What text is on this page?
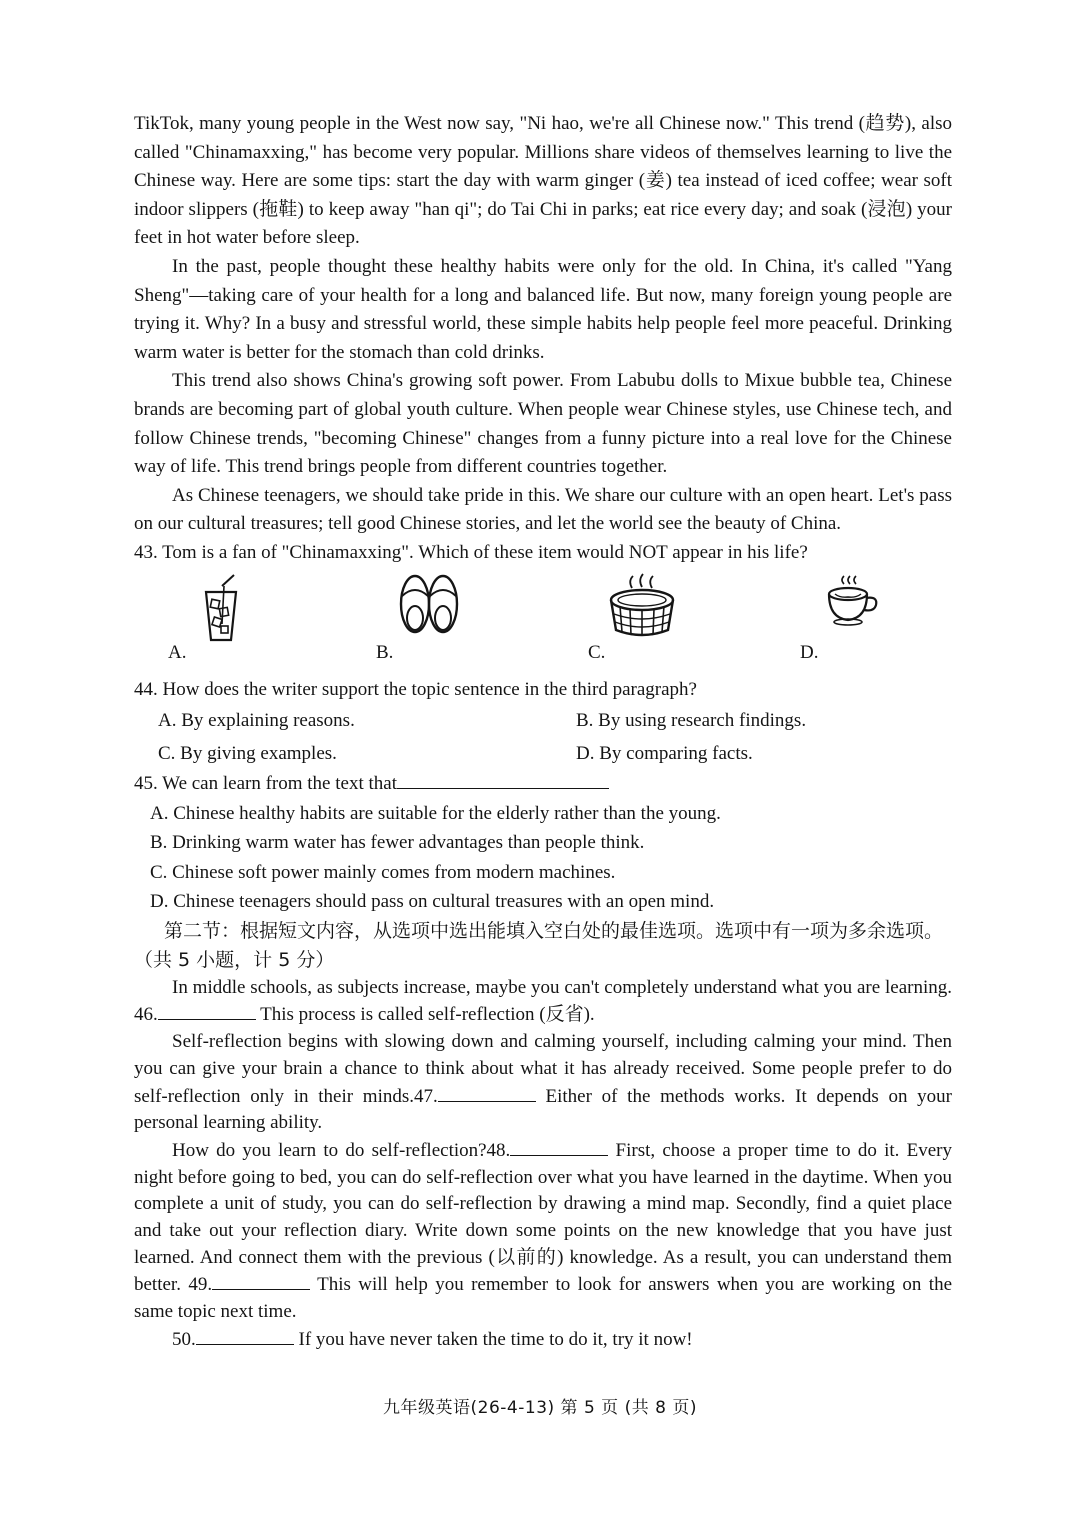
TikTok, many young people in the West now say, "Ni hao, we're all Chinese now." This trend (趋势), also called "Chinamaxxing," has become very popular. Millions share videos of themselves learning to live the Chinese way. Here are some tips: start the day with warm ginger (姜) tea instead of iced coffee; wear soft indoor slippers (拖鞋) to keep away "han qi"; do Tai Chi in parks; eat rice every day; and soak (浸泡) your feet in hot water before sleep.

In the past, people thought these healthy habits were only for the old. In China, it's called "Yang Sheng"—taking care of your health for a long and balanced life. But now, many foreign young people are trying it. Why? In a busy and stressful world, these simple habits help people feel more peaceful. Drinking warm water is better for the stomach than cold drinks.

This trend also shows China's growing soft power. From Labubu dolls to Mixue bubble tea, Chinese brands are becoming part of global youth culture. When people wear Chinese styles, use Chinese tech, and follow Chinese trends, "becoming Chinese" changes from a funny picture into a real love for the Chinese way of life. This trend brings people from different countries together.

As Chinese teenagers, we should take pride in this. We share our culture with an open heart. Let's pass on our cultural treasures; tell good Chinese stories, and let the world see the beauty of China.

43. Tom is a fan of "Chinamaxxing". Which of these item would NOT appear in his life?

A.	B.	C.	D.

44. How does the writer support the topic sentence in the third paragraph?

A. By explaining reasons.	B. By using research findings.
C. By giving examples.	D. By comparing facts.

45. We can learn from the text that

A. Chinese healthy habits are suitable for the elderly rather than the young.
B. Drinking warm water has fewer advantages than people think.
C. Chinese soft power mainly comes from modern machines.
D. Chinese teenagers should pass on cultural treasures with an open mind.

第二节：根据短文内容，从选项中选出能填入空白处的最佳选项。选项中有一项为多余选项。（共 5 小题，计 5 分）

In middle schools, as subjects increase, maybe you can't completely understand what you are learning. 46.	This process is called self-reflection (反省).

Self-reflection begins with slowing down and calming yourself, including calming your mind. Then you can give your brain a chance to think about what it has already received. Some people prefer to do self-reflection only in their minds.47.	Either of the methods works. It depends on your personal learning ability.

How do you learn to do self-reflection?48.	First, choose a proper time to do it. Every night before going to bed, you can do self-reflection over what you have learned in the daytime. When you complete a unit of study, you can do self-reflection by drawing a mind map. Secondly, find a quiet place and take out your reflection diary. Write down some points on the new knowledge that you have just learned. And connect them with the previous (以前的) knowledge. As a result, you can understand them better. 49.	This will help you remember to look for answers when you are working on the same topic next time.

50.	If you have never taken the time to do it, try it now!

九年级英语(26-4-13) 第 5 页 (共 8 页)
